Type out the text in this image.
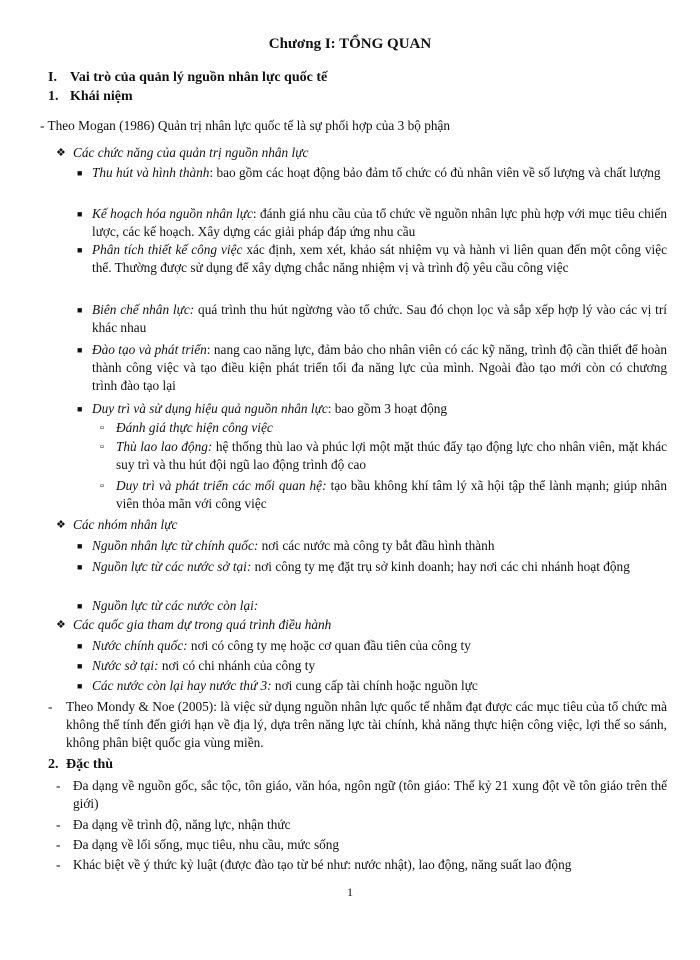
Chương I: TỔNG QUAN
I. Vai trò của quản lý nguồn nhân lực quốc tế
1. Khái niệm
- Theo Mogan (1986) Quản trị nhân lực quốc tế là sự phối hợp của 3 bộ phận
❖ Các chức năng của quản trị nguồn nhân lực
■ Thu hút và hình thành: bao gồm các hoạt động bảo đảm tổ chức có đủ nhân viên về số lượng và chất lượng
■ Kế hoạch hóa nguồn nhân lực: đánh giá nhu cầu của tổ chức về nguồn nhân lực phù hợp với mục tiêu chiến lược, các kế hoạch. Xây dựng các giải pháp đáp ứng nhu cầu
■ Phân tích thiết kế công việc xác định, xem xét, khảo sát nhiệm vụ và hành vi liên quan đến một công việc thể. Thường được sử dụng để xây dựng chắc năng nhiệm vị và trình độ yêu cầu công việc
■ Biên chế nhân lực: quá trình thu hút ngừơng vào tổ chức. Sau đó chọn lọc và sắp xếp hợp lý vào các vị trí khác nhau
■ Đào tạo và phát triển: nang cao năng lực, đảm bảo cho nhân viên có các kỹ năng, trình độ cần thiết để hoàn thành công việc và tạo điều kiện phát triển tối đa năng lực của mình. Ngoài đào tạo mới còn có chương trình đào tạo lại
■ Duy trì và sử dụng hiệu quả nguồn nhân lực: bao gồm 3 hoạt động
▫ Đánh giá thực hiện công việc
▫ Thù lao lao động: hệ thống thù lao và phúc lợi một mặt thúc đẩy tạo động lực cho nhân viên, mặt khác suy trì và thu hút đội ngũ lao động trình độ cao
▫ Duy trì và phát triển các mối quan hệ: tạo bầu không khí tâm lý xã hội tập thể lành mạnh; giúp nhân viên thỏa mãn với công việc
❖ Các nhóm nhân lực
■ Nguồn nhân lực từ chính quốc: nơi các nước mà công ty bắt đầu hình thành
■ Nguồn lực từ các nước sở tại: nơi công ty mẹ đặt trụ sở kinh doanh; hay nơi các chi nhánh hoạt động
■ Nguồn lực từ các nước còn lại:
❖ Các quốc gia tham dự trong quá trình điều hành
■ Nước chính quốc: nơi có công ty mẹ hoặc cơ quan đầu tiên của công ty
■ Nước sở tại: nơi có chi nhánh của công ty
■ Các nước còn lại hay nước thứ 3: nơi cung cấp tài chính hoặc nguồn lực
- Theo Mondy & Noe (2005): là việc sử dụng nguồn nhân lực quốc tế nhằm đạt được các mục tiêu của tổ chức mà không thể tính đến giới hạn về địa lý, dựa trên năng lực tài chính, khả năng thực hiện công việc, lợi thế so sánh, không phân biệt quốc gia vùng miền.
2. Đặc thù
- Đa dạng về nguồn gốc, sắc tộc, tôn giáo, văn hóa, ngôn ngữ (tôn giáo: Thế kỷ 21 xung đột về tôn giáo trên thế giới)
- Đa dạng về trình độ, năng lực, nhận thức
- Đa dạng về lối sống, mục tiêu, nhu cầu, mức sống
- Khác biệt về ý thức kỷ luật (được đào tạo từ bé như: nước nhật), lao động, năng suất lao động
1
